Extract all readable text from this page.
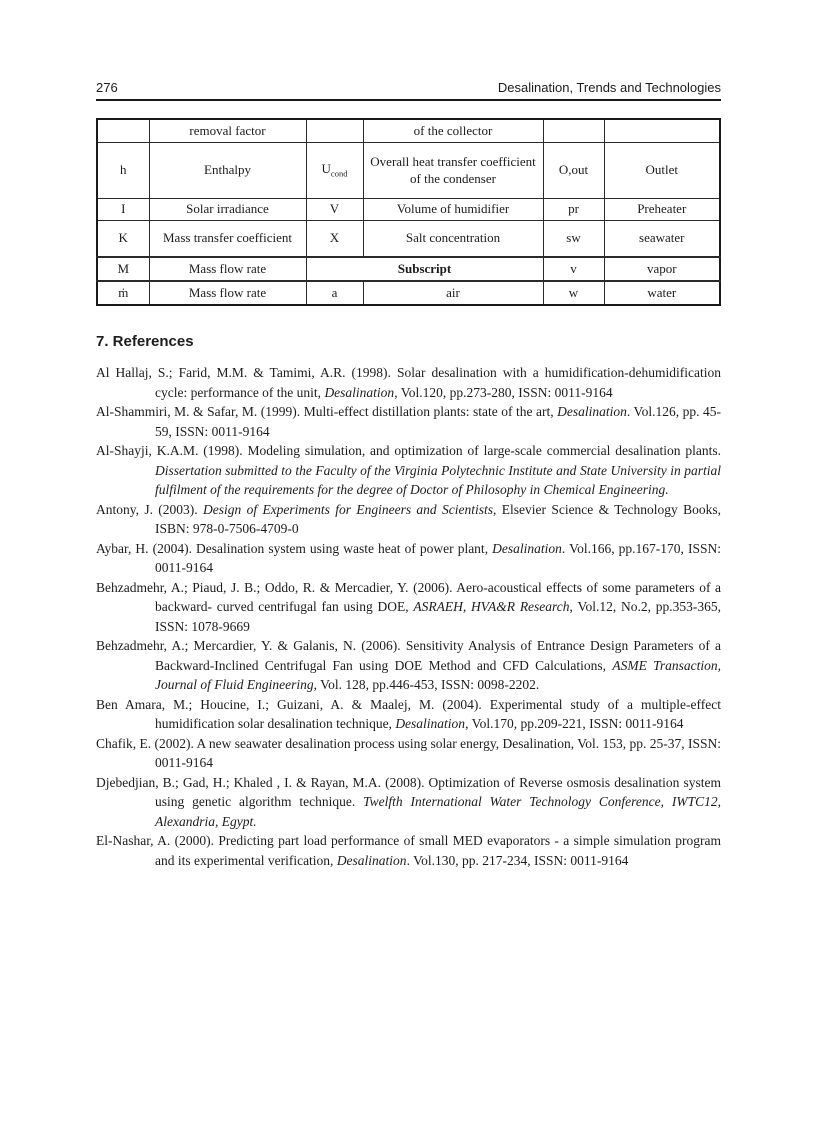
276	Desalination, Trends and Technologies
	removal factor		of the collector		
h	Enthalpy	$U_{cond}$	Overall heat transfer coefficient of the condenser	O,out	Outlet
I	Solar irradiance	V	Volume of humidifier	pr	Preheater
K	Mass transfer coefficient	X	Salt concentration	sw	seawater
M	Mass flow rate	Subscript		v	vapor
ṁ	Mass flow rate	a	air	w	water
7. References

Al Hallaj, S.; Farid, M.M. & Tamimi, A.R. (1998). Solar desalination with a humidification-dehumidification cycle: performance of the unit, Desalination, Vol.120, pp.273-280, ISSN: 0011-9164

Al-Shammiri, M. & Safar, M. (1999). Multi-effect distillation plants: state of the art, Desalination. Vol.126, pp. 45-59, ISSN: 0011-9164

Al-Shayji, K.A.M. (1998). Modeling simulation, and optimization of large-scale commercial desalination plants. Dissertation submitted to the Faculty of the Virginia Polytechnic Institute and State University in partial fulfilment of the requirements for the degree of Doctor of Philosophy in Chemical Engineering.

Antony, J. (2003). Design of Experiments for Engineers and Scientists, Elsevier Science & Technology Books, ISBN: 978-0-7506-4709-0

Aybar, H. (2004). Desalination system using waste heat of power plant, Desalination. Vol.166, pp.167-170, ISSN: 0011-9164

Behzadmehr, A.; Piaud, J. B.; Oddo, R. & Mercadier, Y. (2006). Aero-acoustical effects of some parameters of a backward- curved centrifugal fan using DOE, ASRAEH, HVA&R Research, Vol.12, No.2, pp.353-365, ISSN: 1078-9669

Behzadmehr, A.; Mercardier, Y. & Galanis, N. (2006). Sensitivity Analysis of Entrance Design Parameters of a Backward-Inclined Centrifugal Fan using DOE Method and CFD Calculations, ASME Transaction, Journal of Fluid Engineering, Vol. 128, pp.446-453, ISSN: 0098-2202.

Ben Amara, M.; Houcine, I.; Guizani, A. & Maalej, M. (2004). Experimental study of a multiple-effect humidification solar desalination technique, Desalination, Vol.170, pp.209-221, ISSN: 0011-9164

Chafik, E. (2002). A new seawater desalination process using solar energy, Desalination, Vol. 153, pp. 25-37, ISSN: 0011-9164

Djebedjian, B.; Gad, H.; Khaled , I. & Rayan, M.A. (2008). Optimization of Reverse osmosis desalination system using genetic algorithm technique. Twelfth International Water Technology Conference, IWTC12, Alexandria, Egypt.

El-Nashar, A. (2000). Predicting part load performance of small MED evaporators - a simple simulation program and its experimental verification, Desalination. Vol.130, pp. 217-234, ISSN: 0011-9164
